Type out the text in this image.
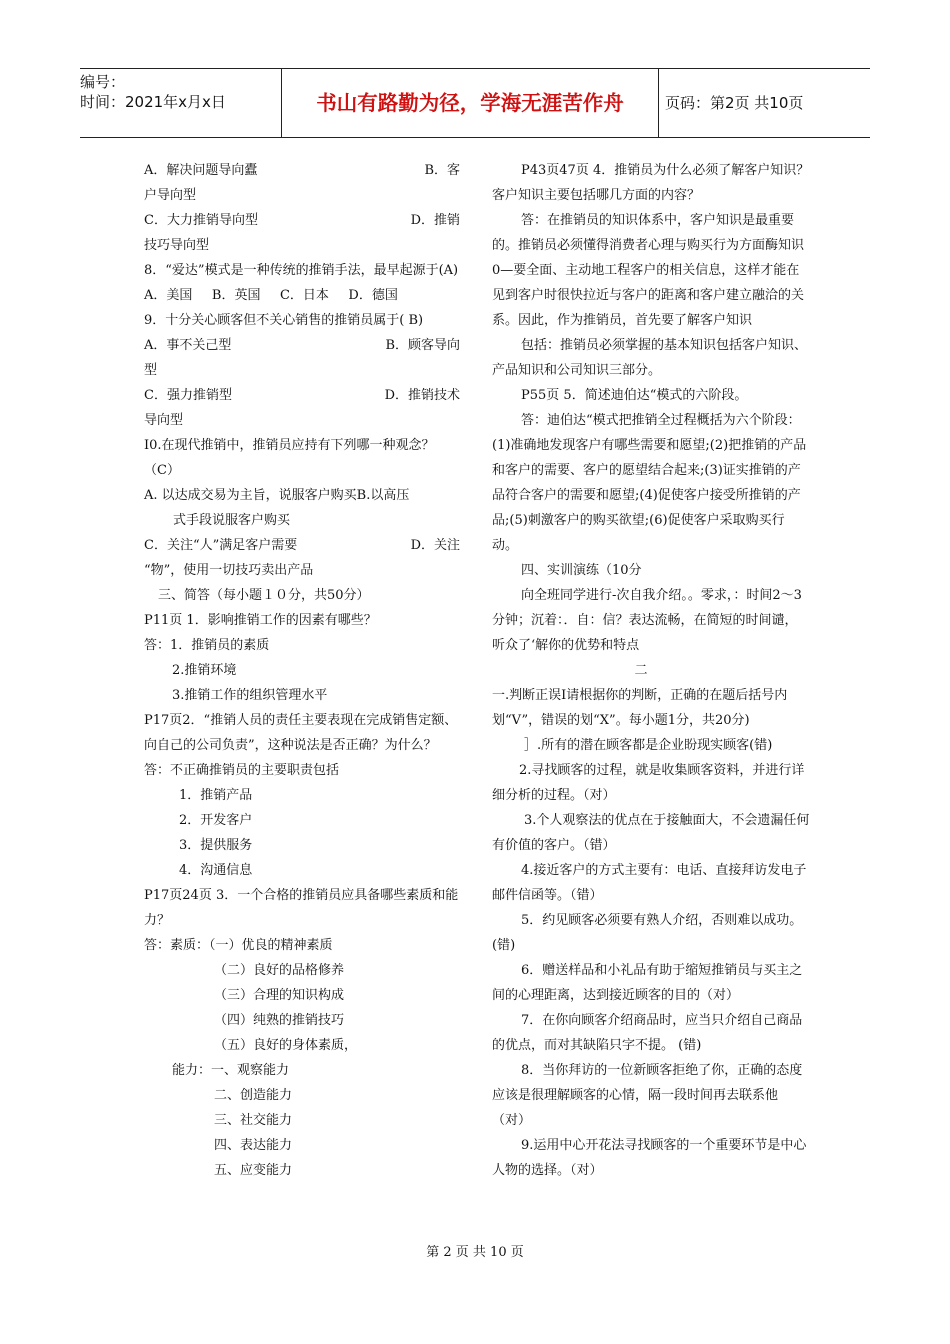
编号：
时间：2021年x月x日	书山有路勤为径，学海无涯苦作舟	页码：第2页 共10页

A．解决问题导向蠹	B．客

户导向型

C．大力推销导向型	D．推销

技巧导向型

8．“爱达”模式是一种传统的推销手法，最早起源于(A)

A．美国   B．英国   C．日本   D．德国

9．十分关心顾客但不关心销售的推销员属于( B)

A．事不关己型	B．顾客导向

型

C．强力推销型	D．推销技术

导向型

I0.在现代推销中，推销员应持有下列哪一种观念？（C）

A. 以达成交易为主旨，说服客户购买B.以高压

式手段说服客户购买

C．关注“人”满足客户需要	D．关注

“物”，使用一切技巧卖出产品

三、简答（每小题１０分，共50分）

P11页 1．影响推销工作的因素有哪些？

答：1．推销员的素质

2.推销环境

3.推销工作的组织管理水平

P17页2．“推销人员的责任主要表现在完成销售定额、向自己的公司负责”，这种说法是否正确？为什么？

答：不正确推销员的主要职责包括

1．推销产品

2．开发客户

3．提供服务

4．沟通信息

P17页24页 3．一个合格的推销员应具备哪些素质和能力？

答：素质：（一）优良的精神素质

（二）良好的品格修养

（三）合理的知识构成

（四）纯熟的推销技巧

（五）良好的身体素质，

能力：一、观察能力

二、创造能力

三、社交能力

四、表达能力

五、应变能力

P43页47页 4．推销员为什么必须了解客户知识？客户知识主要包括哪几方面的内容？

答：在推销员的知识体系中，客户知识是最重要的。推销员必须懂得消费者心理与购买行为方面酶知识0—要全面、主动地工程客户的相关信息，这样才能在见到客户时很快拉近与客户的距离和客户建立融洽的关系。因此，作为推销员，首先要了解客户知识

包括：推销员必须掌握的基本知识包括客户知识、产品知识和公司知识三部分。

P55页 5．简述迪伯达“模式的六阶段。

答：迪伯达“模式把推销全过程概括为六个阶段： (1)准确地发现客户有哪些需要和愿望;(2)把推销的产品和客户的需要、客户的愿望结合起来;(3)证实推销的产品符合客户的需要和愿望;(4)促使客户接受所推销的产品;(5)刺激客户的购买欲望;(6)促使客户采取购买行动。

四、实训演练（10分

向全班同学进行-次自我介绍。。零求，：时间2～3分钟；沉着：．自：信？表达流畅，在简短的时间谴，听众了‘解你的优势和特点

二

一.判断正误I请根据你的判断，正确的在题后括号内划“V”，错误的划“X”。每小题1分，共20分)

］.所有的潜在顾客都是企业盼现实顾客(错)

2.寻找顾客的过程，就是收集顾客资料，并进行详细分析的过程。（对）

3.个人观察法的优点在于接触面大，不会遗漏任何有价值的客户。（错）

4.接近客户的方式主要有：电话、直接拜访发电子邮件信函等。（错）

5．约见顾客必须要有熟人介绍，否则难以成功。(错)

6．赠送样品和小礼品有助于缩短推销员与买主之间的心理距离，达到接近顾客的目的（对）

7．在你向顾客介绍商品时，应当只介绍自己商品的优点，而对其缺陷只字不提。 (错)

8．当你拜访的一位新顾客拒绝了你，正确的态度应该是很理解顾客的心情，隔一段时间再去联系他（对）

9.运用中心开花法寻找顾客的一个重要环节是中心人物的选择。（对）

第 2 页 共 10 页
